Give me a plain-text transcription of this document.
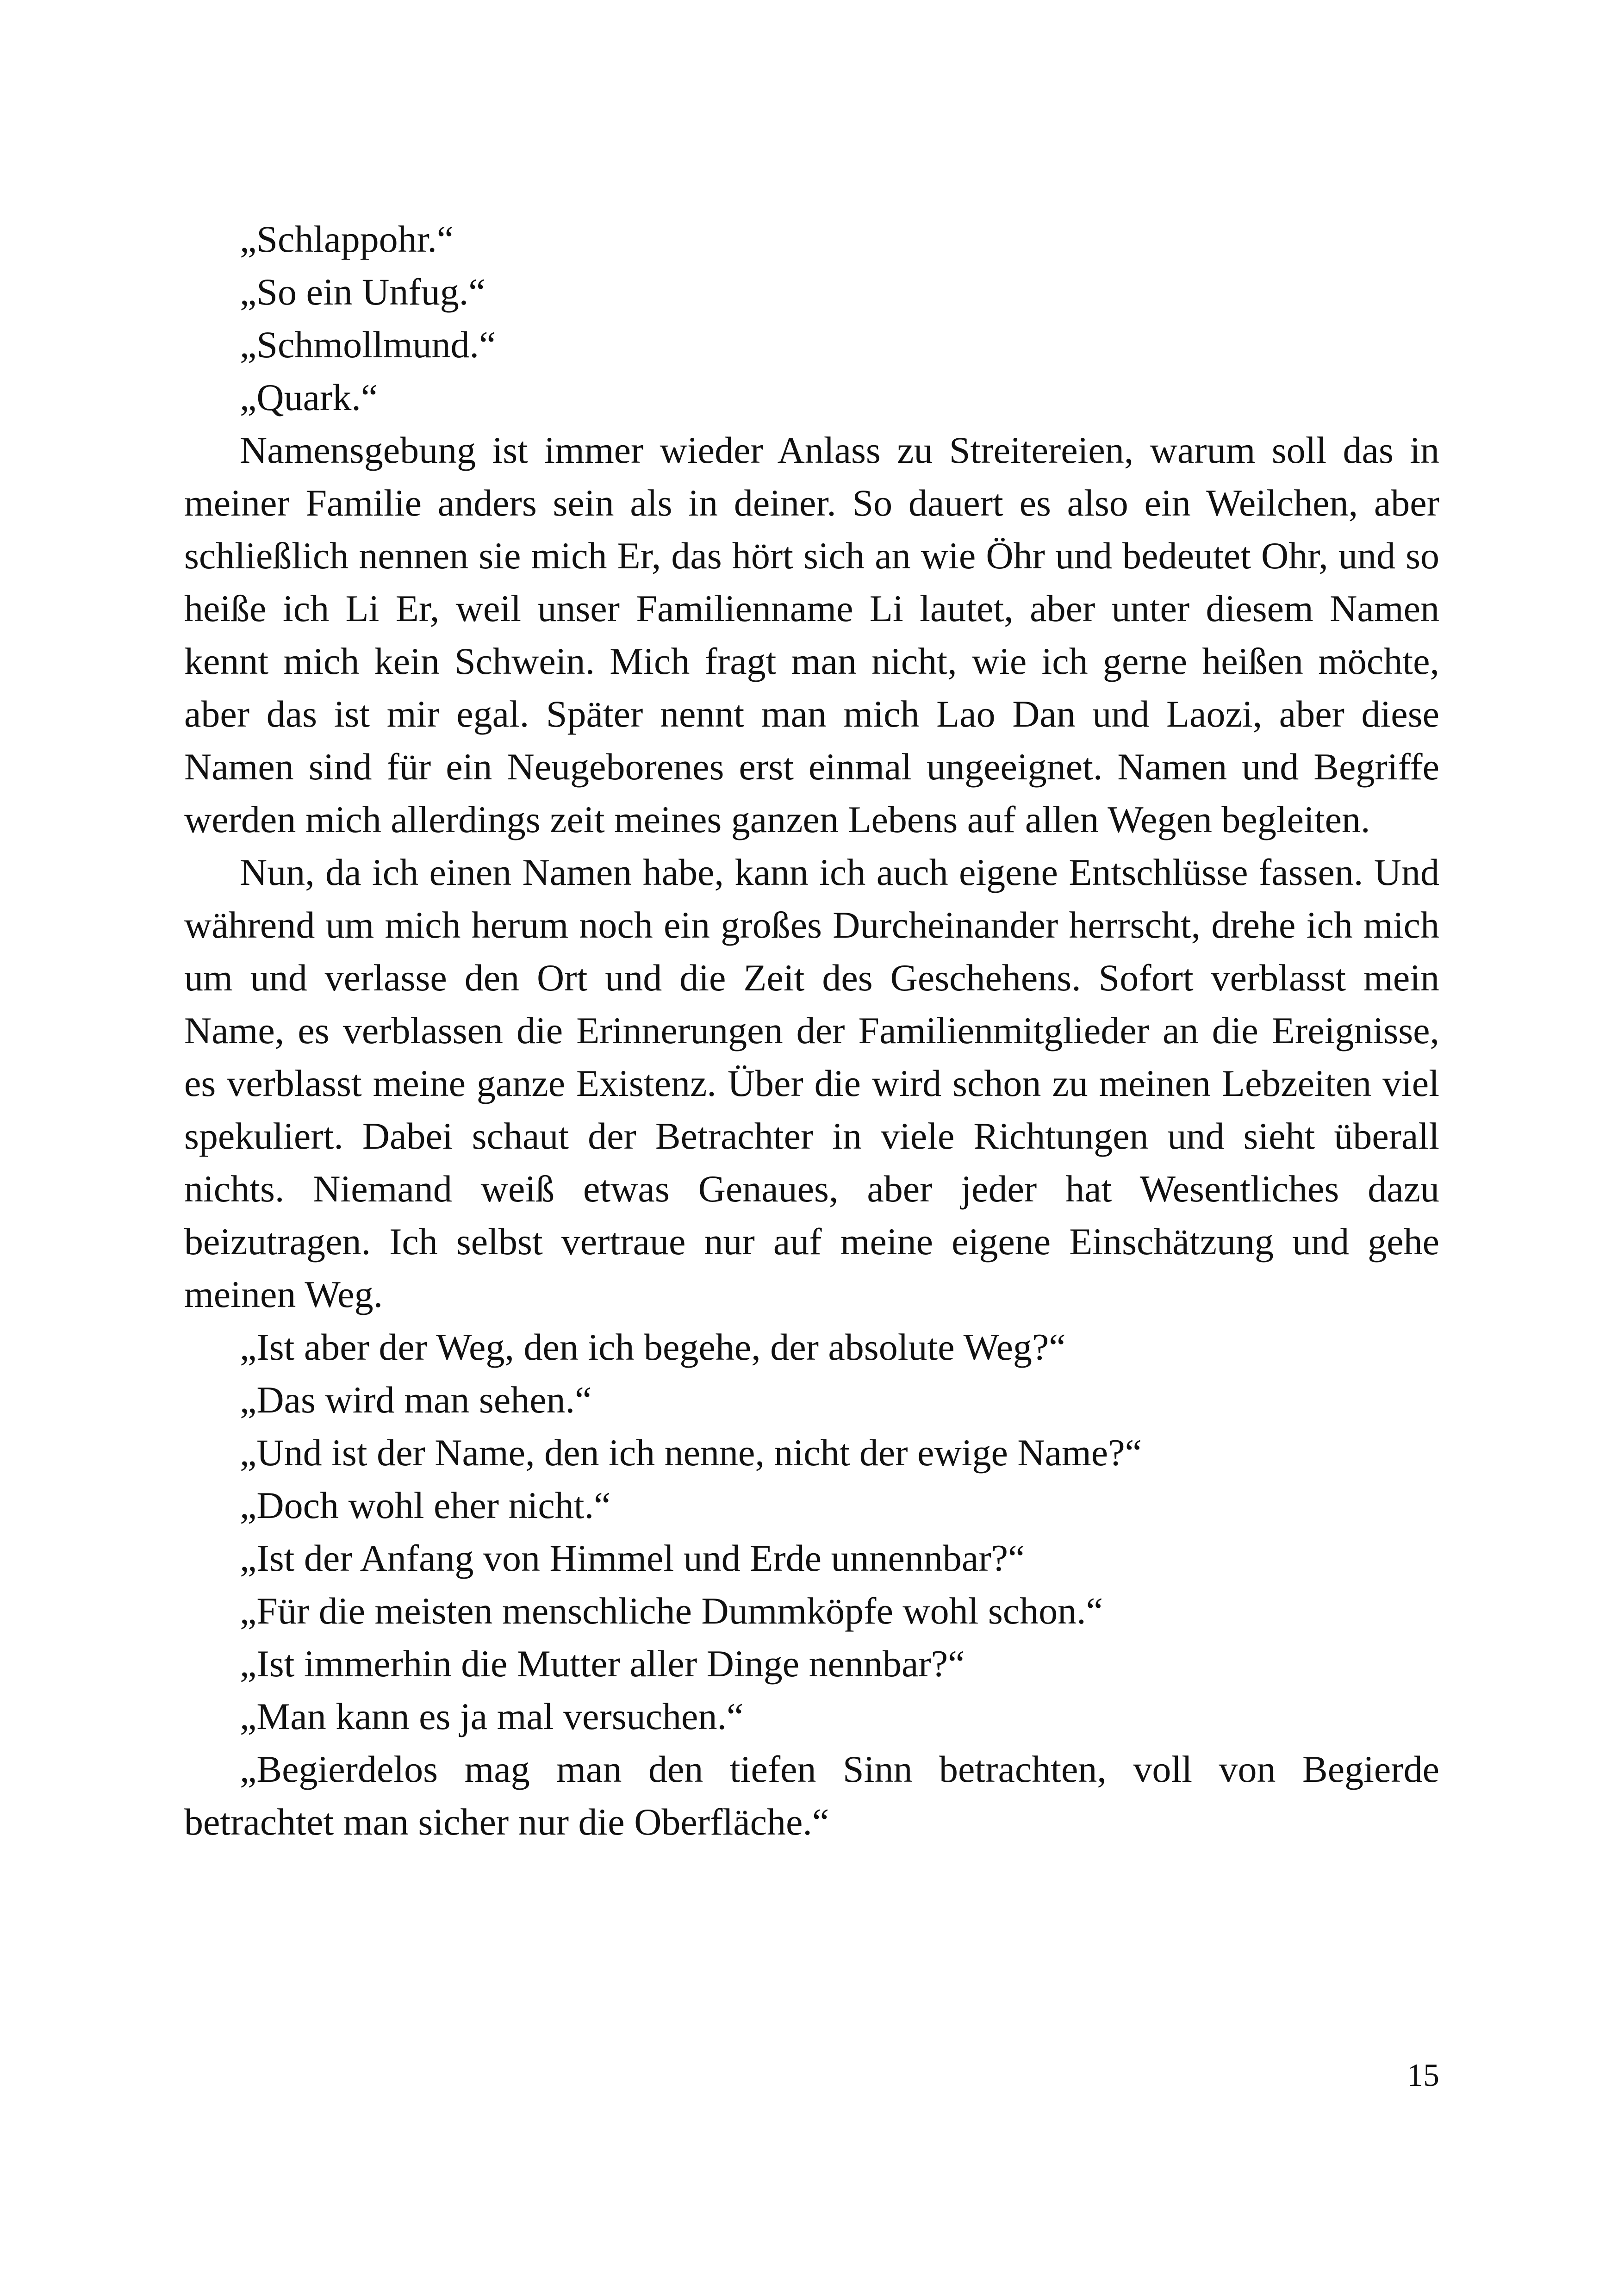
„Schlappohr.“

„So ein Unfug.“

„Schmollmund.“

„Quark.“

Namensgebung ist immer wieder Anlass zu Streitereien, warum soll das in meiner Familie anders sein als in deiner. So dauert es also ein Weilchen, aber schließlich nennen sie mich Er, das hört sich an wie Öhr und bedeutet Ohr, und so heiße ich Li Er, weil unser Familienname Li lautet, aber unter diesem Namen kennt mich kein Schwein. Mich fragt man nicht, wie ich gerne heißen möchte, aber das ist mir egal. Später nennt man mich Lao Dan und Laozi, aber diese Namen sind für ein Neugeborenes erst einmal ungeeignet. Namen und Begriffe werden mich allerdings zeit meines ganzen Lebens auf allen Wegen begleiten.

Nun, da ich einen Namen habe, kann ich auch eigene Entschlüsse fassen. Und während um mich herum noch ein großes Durcheinander herrscht, drehe ich mich um und verlasse den Ort und die Zeit des Geschehens. Sofort verblasst mein Name, es verblassen die Erinnerungen der Familienmitglieder an die Ereignisse, es verblasst meine ganze Existenz. Über die wird schon zu meinen Lebzeiten viel spekuliert. Dabei schaut der Betrachter in viele Richtungen und sieht überall nichts. Niemand weiß etwas Genaues, aber jeder hat Wesentliches dazu beizutragen. Ich selbst vertraue nur auf meine eigene Einschätzung und gehe meinen Weg.

„Ist aber der Weg, den ich begehe, der absolute Weg?“

„Das wird man sehen.“

„Und ist der Name, den ich nenne, nicht der ewige Name?“

„Doch wohl eher nicht.“

„Ist der Anfang von Himmel und Erde unnennbar?“

„Für die meisten menschliche Dummköpfe wohl schon.“

„Ist immerhin die Mutter aller Dinge nennbar?“

„Man kann es ja mal versuchen.“

„Begierdelos mag man den tiefen Sinn betrachten, voll von Begierde betrachtet man sicher nur die Oberfläche.“

15
